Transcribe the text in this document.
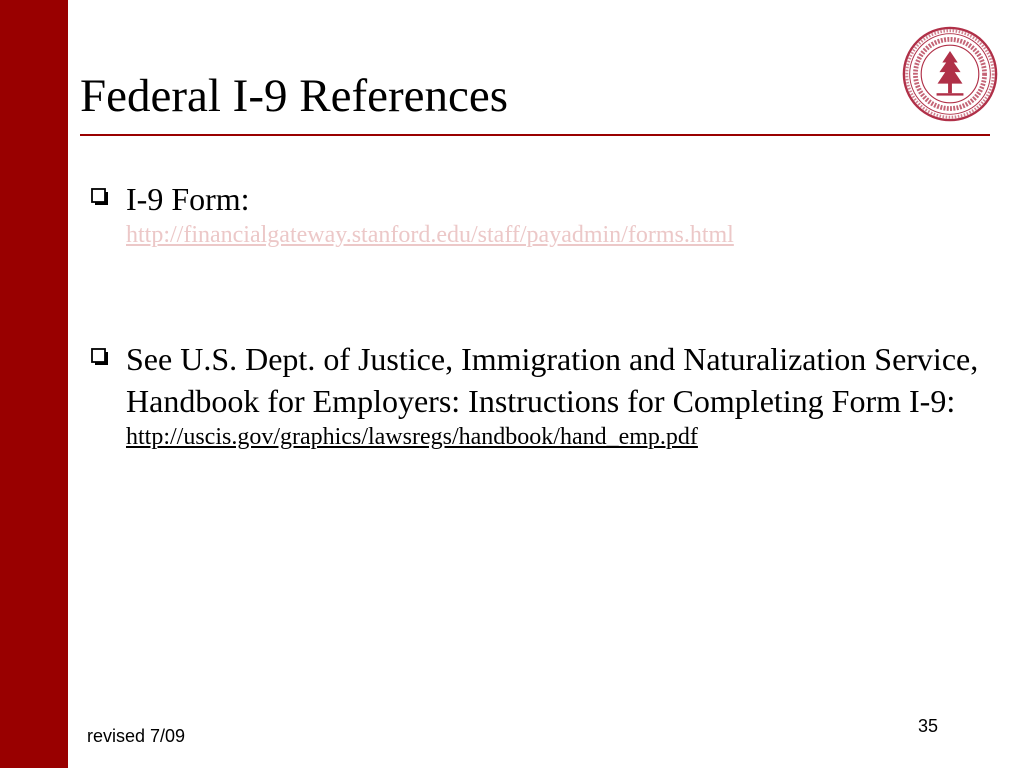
Federal I-9 References
I-9 Form:
http://financialgateway.stanford.edu/staff/payadmin/forms.html
See U.S. Dept. of Justice, Immigration and Naturalization Service, Handbook for Employers: Instructions for Completing Form I-9:
http://uscis.gov/graphics/lawsregs/handbook/hand_emp.pdf
revised 7/09	35
